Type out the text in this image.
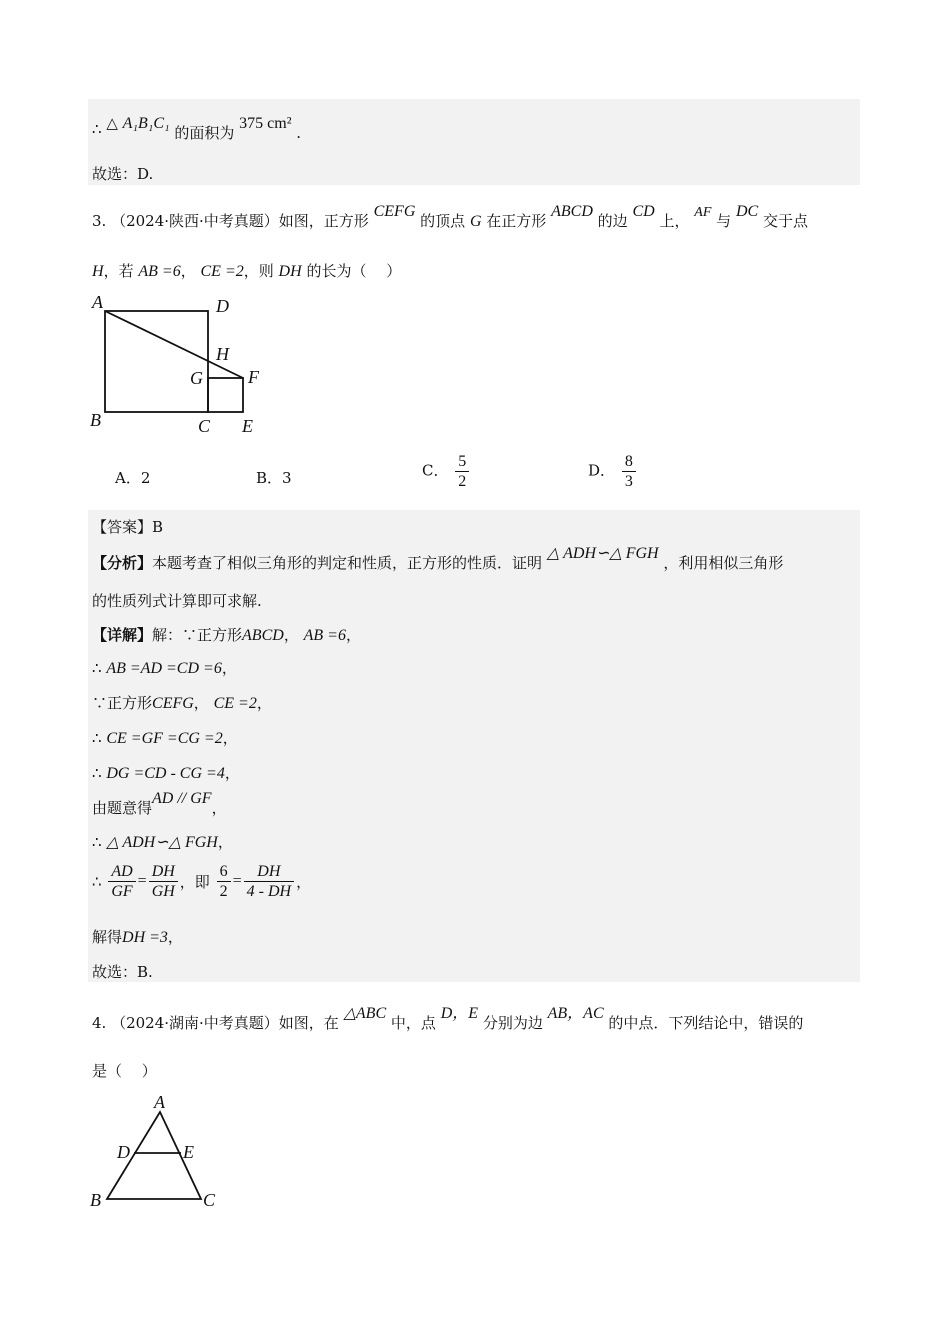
∴ △ A₁B₁C₁ 的面积为 375 cm² .
故选：D.
3. （2024·陕西·中考真题）如图，正方形 CEFG 的顶点 G 在正方形 ABCD 的边 CD 上， AF 与 DC 交于点
H，若 AB =6， CE =2，则 DH 的长为（　 ）
A	D
H
G	F
B	C E
A．2	B．3	C． $\frac{5}{2}$	D． $\frac{8}{3}$
【答案】B
【分析】本题考查了相似三角形的判定和性质，正方形的性质．证明 △ ADH∽△ FGH ，利用相似三角形
的性质列式计算即可求解.
【详解】解：∵正方形ABCD， AB =6，
∴ AB =AD =CD =6，
∵正方形CEFG， CE =2，
∴ CE =GF =CG =2，
∴ DG =CD - CG =4，
由题意得AD // GF，
∴ △ ADH∽△ FGH，
∴ $\frac{AD}{GF} = \frac{DH}{GH}$ ，即 $\frac{6}{2} = \frac{DH}{4 - DH}$ ，
解得DH =3，
故选：B.
4. （2024·湖南·中考真题）如图，在 △ABC 中，点 D，E 分别为边 AB，AC 的中点．下列结论中，错误的
是（　 ）
A
D	E
B	C
